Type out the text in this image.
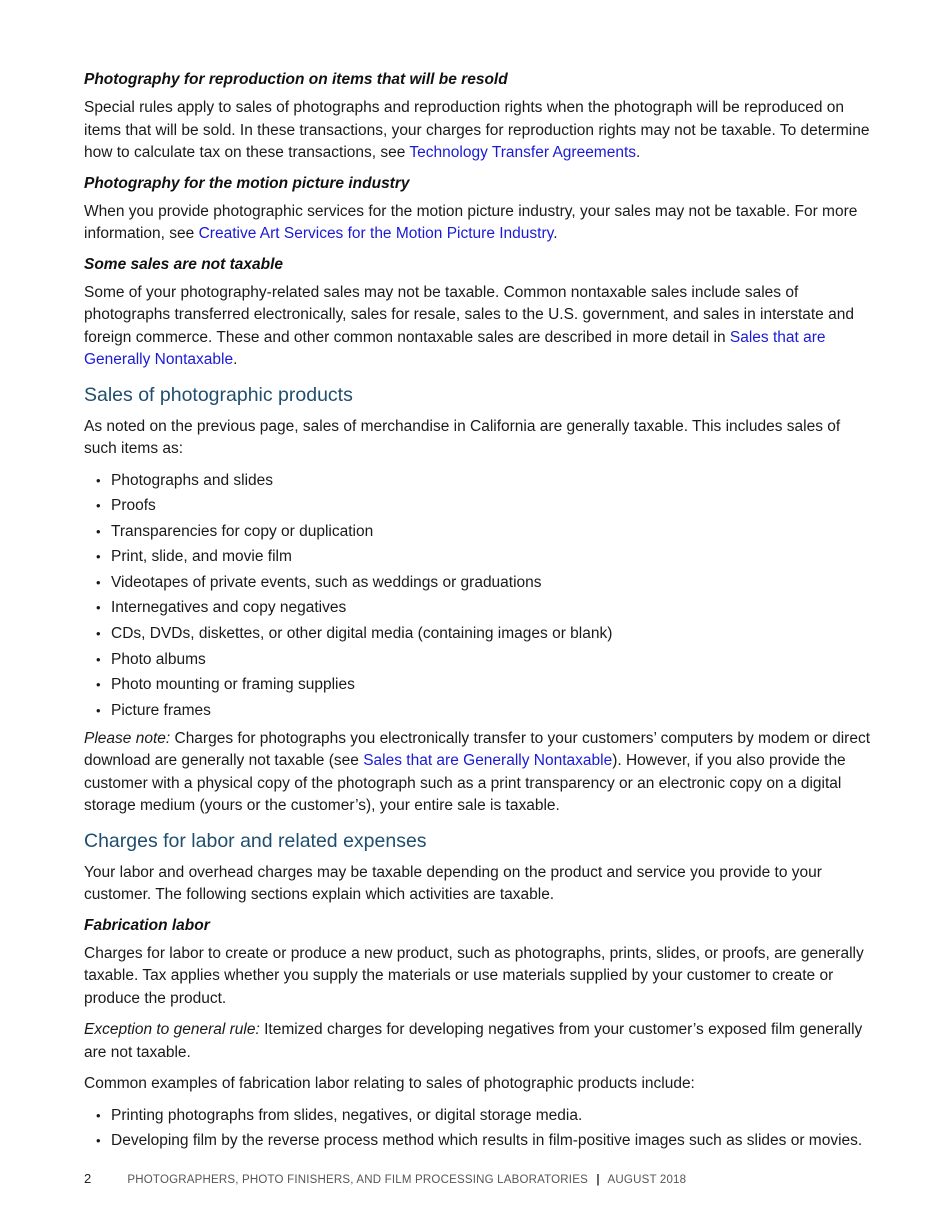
Photography for reproduction on items that will be resold

Special rules apply to sales of photographs and reproduction rights when the photograph will be reproduced on items that will be sold. In these transactions, your charges for reproduction rights may not be taxable. To determine how to calculate tax on these transactions, see Technology Transfer Agreements.

Photography for the motion picture industry

When you provide photographic services for the motion picture industry, your sales may not be taxable. For more information, see Creative Art Services for the Motion Picture Industry.

Some sales are not taxable

Some of your photography-related sales may not be taxable. Common nontaxable sales include sales of photographs transferred electronically, sales for resale, sales to the U.S. government, and sales in interstate and foreign commerce. These and other common nontaxable sales are described in more detail in Sales that are Generally Nontaxable.

Sales of photographic products

As noted on the previous page, sales of merchandise in California are generally taxable. This includes sales of such items as:

• Photographs and slides
• Proofs
• Transparencies for copy or duplication
• Print, slide, and movie film
• Videotapes of private events, such as weddings or graduations
• Internegatives and copy negatives
• CDs, DVDs, diskettes, or other digital media (containing images or blank)
• Photo albums
• Photo mounting or framing supplies
• Picture frames

Please note: Charges for photographs you electronically transfer to your customers’ computers by modem or direct download are generally not taxable (see Sales that are Generally Nontaxable). However, if you also provide the customer with a physical copy of the photograph such as a print transparency or an electronic copy on a digital storage medium (yours or the customer’s), your entire sale is taxable.

Charges for labor and related expenses

Your labor and overhead charges may be taxable depending on the product and service you provide to your customer. The following sections explain which activities are taxable.

Fabrication labor

Charges for labor to create or produce a new product, such as photographs, prints, slides, or proofs, are generally taxable. Tax applies whether you supply the materials or use materials supplied by your customer to create or produce the product.

Exception to general rule: Itemized charges for developing negatives from your customer’s exposed film generally are not taxable.

Common examples of fabrication labor relating to sales of photographic products include:

• Printing photographs from slides, negatives, or digital storage media.
• Developing film by the reverse process method which results in film-positive images such as slides or movies.
2	PHOTOGRAPHERS, PHOTO FINISHERS, AND FILM PROCESSING LABORATORIES | AUGUST 2018
